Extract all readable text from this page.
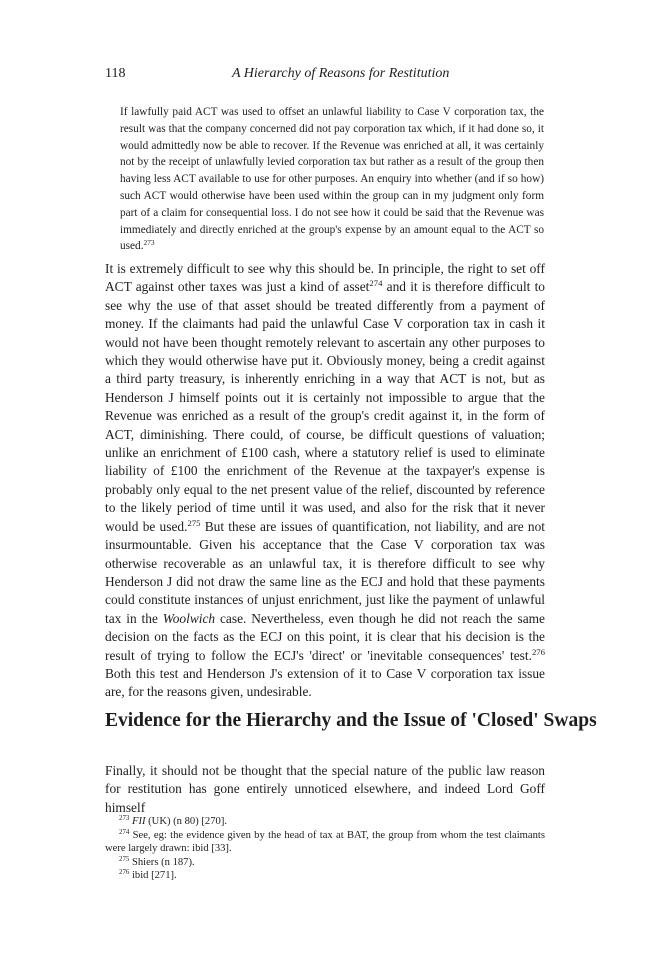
118	A Hierarchy of Reasons for Restitution
If lawfully paid ACT was used to offset an unlawful liability to Case V corporation tax, the result was that the company concerned did not pay corporation tax which, if it had done so, it would admittedly now be able to recover. If the Revenue was enriched at all, it was certainly not by the receipt of unlawfully levied corporation tax but rather as a result of the group then having less ACT available to use for other purposes. An enquiry into whether (and if so how) such ACT would otherwise have been used within the group can in my judgment only form part of a claim for consequential loss. I do not see how it could be said that the Revenue was immediately and directly enriched at the group's expense by an amount equal to the ACT so used.$^{273}$

It is extremely difficult to see why this should be. In principle, the right to set off ACT against other taxes was just a kind of asset$^{274}$ and it is therefore difficult to see why the use of that asset should be treated differently from a payment of money. If the claimants had paid the unlawful Case V corporation tax in cash it would not have been thought remotely relevant to ascertain any other purposes to which they would otherwise have put it. Obviously money, being a credit against a third party treasury, is inherently enriching in a way that ACT is not, but as Henderson J himself points out it is certainly not impossible to argue that the Revenue was enriched as a result of the group's credit against it, in the form of ACT, diminishing. There could, of course, be difficult questions of valuation; unlike an enrichment of £100 cash, where a statutory relief is used to eliminate liability of £100 the enrichment of the Revenue at the taxpayer's expense is probably only equal to the net present value of the relief, discounted by reference to the likely period of time until it was used, and also for the risk that it never would be used.$^{275}$ But these are issues of quantification, not liability, and are not insurmountable. Given his acceptance that the Case V corporation tax was otherwise recoverable as an unlawful tax, it is therefore difficult to see why Henderson J did not draw the same line as the ECJ and hold that these payments could constitute instances of unjust enrichment, just like the payment of unlawful tax in the Woolwich case. Nevertheless, even though he did not reach the same decision on the facts as the ECJ on this point, it is clear that his decision is the result of trying to follow the ECJ's 'direct' or 'inevitable consequences' test.$^{276}$ Both this test and Henderson J's extension of it to Case V corporation tax issue are, for the reasons given, undesirable.

Evidence for the Hierarchy and the Issue of 'Closed' Swaps

Finally, it should not be thought that the special nature of the public law reason for restitution has gone entirely unnoticed elsewhere, and indeed Lord Goff himself

$^{273}$ FII (UK) (n 80) [270].

$^{274}$ See, eg: the evidence given by the head of tax at BAT, the group from whom the test claimants were largely drawn: ibid [33].

$^{275}$ Shiers (n 187).

$^{276}$ ibid [271].
